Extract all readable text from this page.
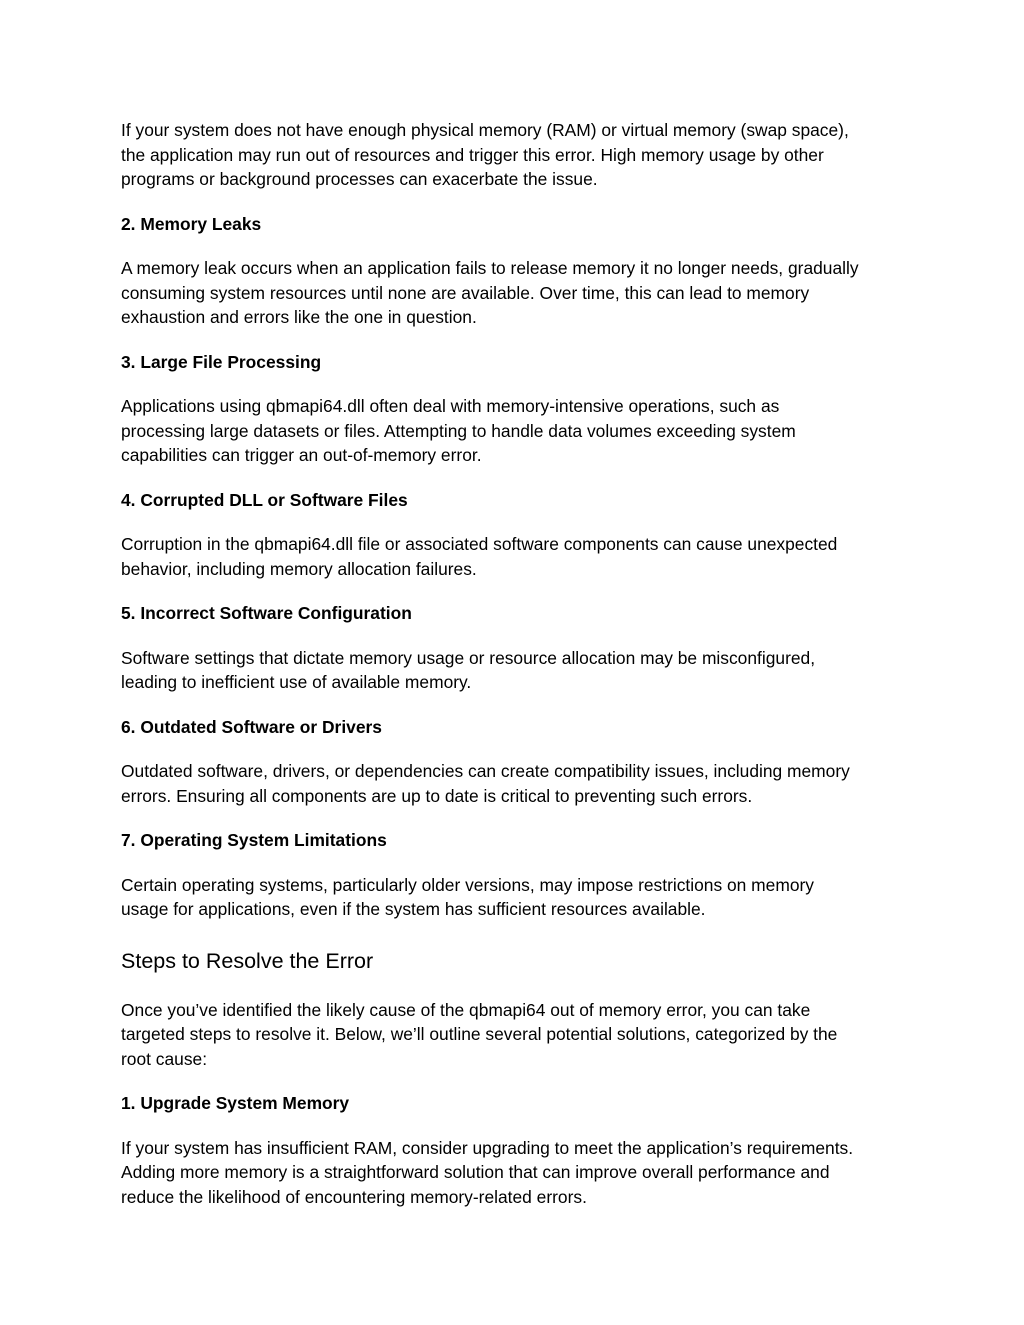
If your system does not have enough physical memory (RAM) or virtual memory (swap space),
the application may run out of resources and trigger this error. High memory usage by other
programs or background processes can exacerbate the issue.

2. Memory Leaks

A memory leak occurs when an application fails to release memory it no longer needs, gradually
consuming system resources until none are available. Over time, this can lead to memory
exhaustion and errors like the one in question.

3. Large File Processing

Applications using qbmapi64.dll often deal with memory-intensive operations, such as
processing large datasets or files. Attempting to handle data volumes exceeding system
capabilities can trigger an out-of-memory error.

4. Corrupted DLL or Software Files

Corruption in the qbmapi64.dll file or associated software components can cause unexpected
behavior, including memory allocation failures.

5. Incorrect Software Configuration

Software settings that dictate memory usage or resource allocation may be misconfigured,
leading to inefficient use of available memory.

6. Outdated Software or Drivers

Outdated software, drivers, or dependencies can create compatibility issues, including memory
errors. Ensuring all components are up to date is critical to preventing such errors.

7. Operating System Limitations

Certain operating systems, particularly older versions, may impose restrictions on memory
usage for applications, even if the system has sufficient resources available.

Steps to Resolve the Error

Once you’ve identified the likely cause of the qbmapi64 out of memory error, you can take
targeted steps to resolve it. Below, we’ll outline several potential solutions, categorized by the
root cause:

1. Upgrade System Memory

If your system has insufficient RAM, consider upgrading to meet the application’s requirements.
Adding more memory is a straightforward solution that can improve overall performance and
reduce the likelihood of encountering memory-related errors.
